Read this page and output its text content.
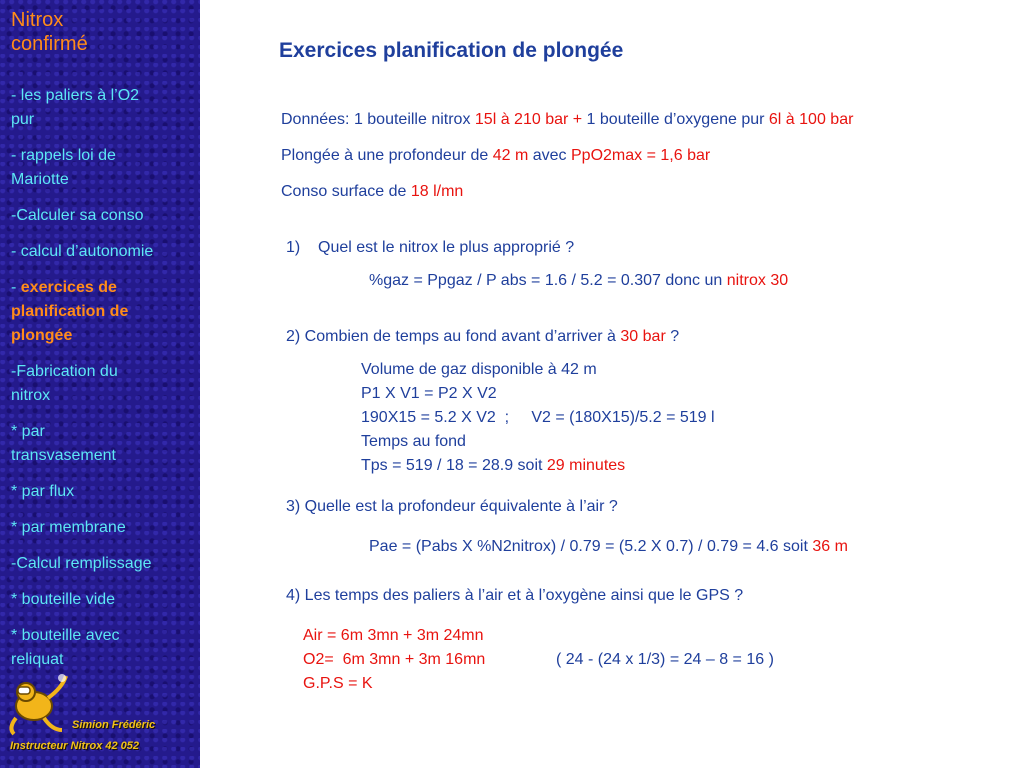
Nitrox
confirmé
- les paliers à l’O2
pur
- rappels loi de
Mariotte
-Calculer sa conso
- calcul d’autonomie
- exercices de
planification de
plongée
-Fabrication du
nitrox
* par
transvasement
* par flux
* par membrane
-Calcul remplissage
* bouteille vide
* bouteille avec
reliquat
Simion Frédéric
Instructeur Nitrox 42 052
Exercices planification de plongée
Données: 1 bouteille nitrox 15l à 210 bar + 1 bouteille d’oxygene pur 6l à 100 bar
Plongée à une profondeur de 42 m avec PpO2max = 1,6 bar
Conso surface de 18 l/mn
1)    Quel est le nitrox le plus approprié ?
%gaz = Ppgaz / P abs = 1.6 / 5.2 = 0.307 donc un nitrox 30
2) Combien de temps au fond avant d’arriver à 30 bar ?
Volume de gaz disponible à 42 m
P1 X V1 = P2 X V2
190X15 = 5.2 X V2  ;     V2 = (180X15)/5.2 = 519 l
Temps au fond
Tps = 519 / 18 = 28.9 soit 29 minutes
3) Quelle est la profondeur équivalente à l’air ?
Pae = (Pabs X %N2nitrox) / 0.79 = (5.2 X 0.7) / 0.79 = 4.6 soit 36 m
4) Les temps des paliers à l’air et à l’oxygène ainsi que le GPS ?
Air = 6m 3mn + 3m 24mn
O2=  6m 3mn + 3m 16mn	( 24 - (24 x 1/3) = 24 – 8 = 16 )
G.P.S = K
